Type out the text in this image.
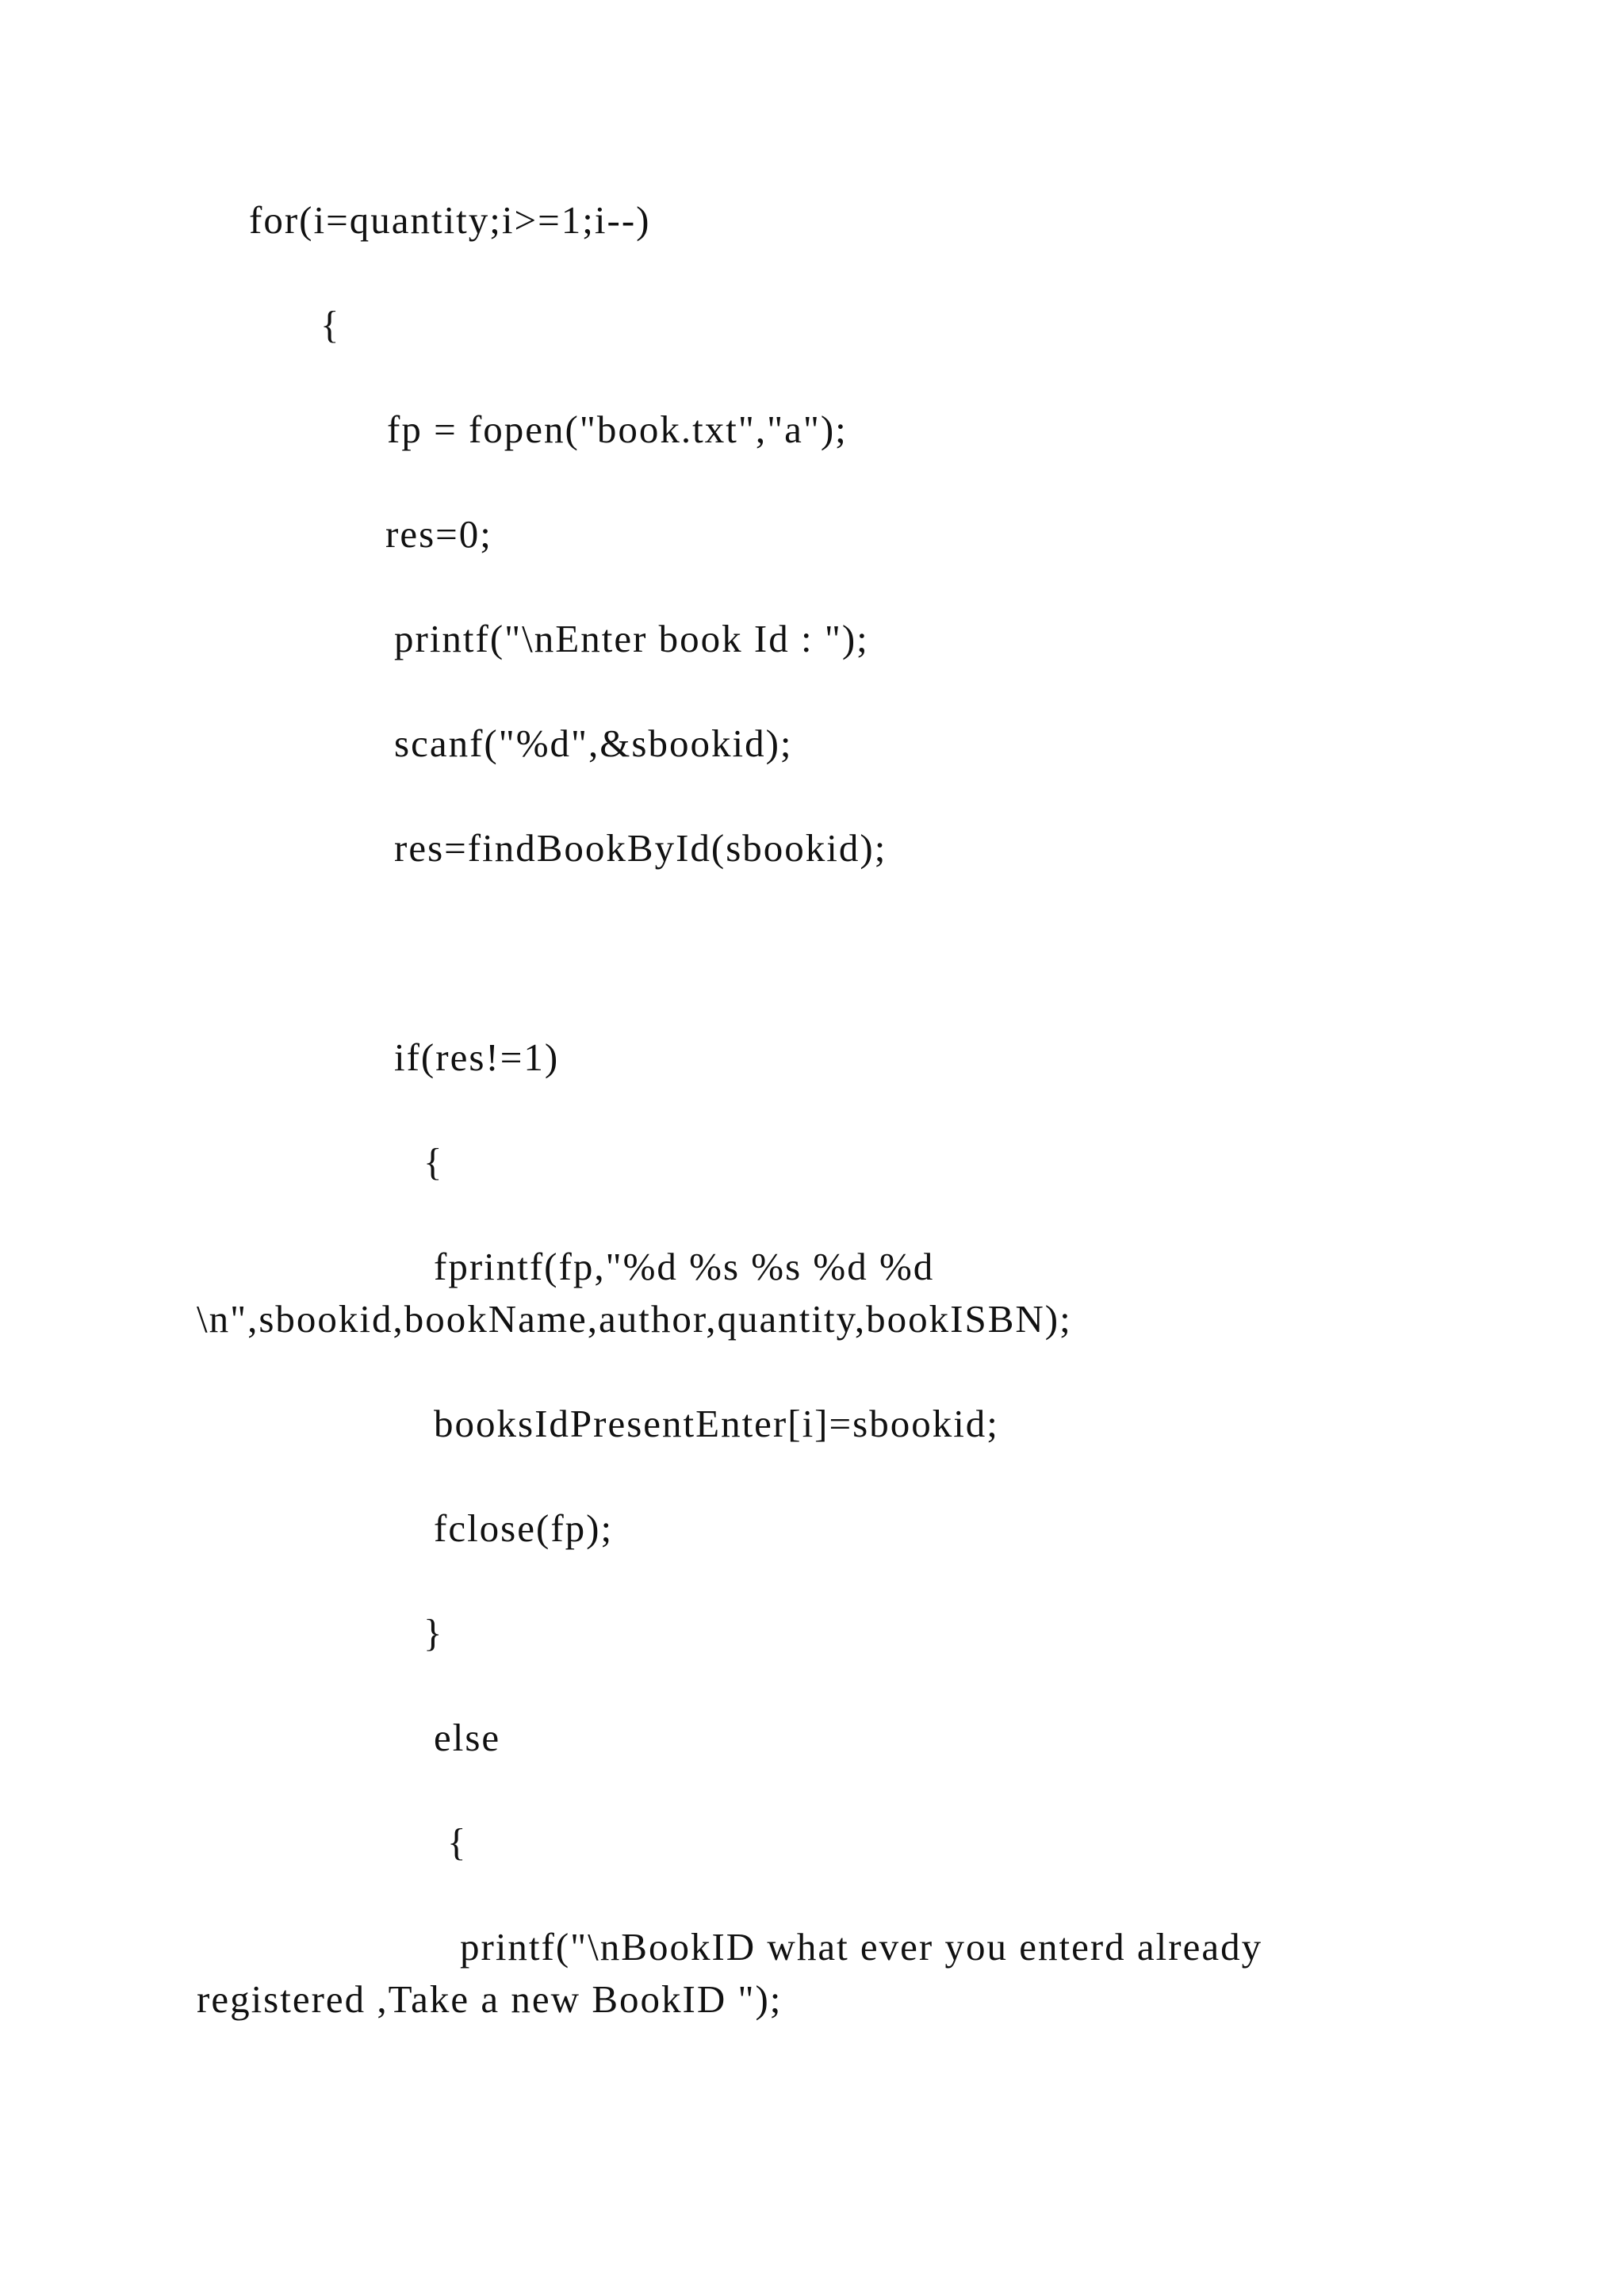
for(i=quantity;i>=1;i--)

{

fp = fopen("book.txt","a");

res=0;

printf("\nEnter book Id : ");

scanf("%d",&sbookid);

res=findBookById(sbookid);

if(res!=1)

{

fprintf(fp,"%d %s %s %d %d

\n",sbookid,bookName,author,quantity,bookISBN);

booksIdPresentEnter[i]=sbookid;

fclose(fp);

}

else

{

printf("\nBookID what ever you enterd already

registered ,Take a new BookID ");
